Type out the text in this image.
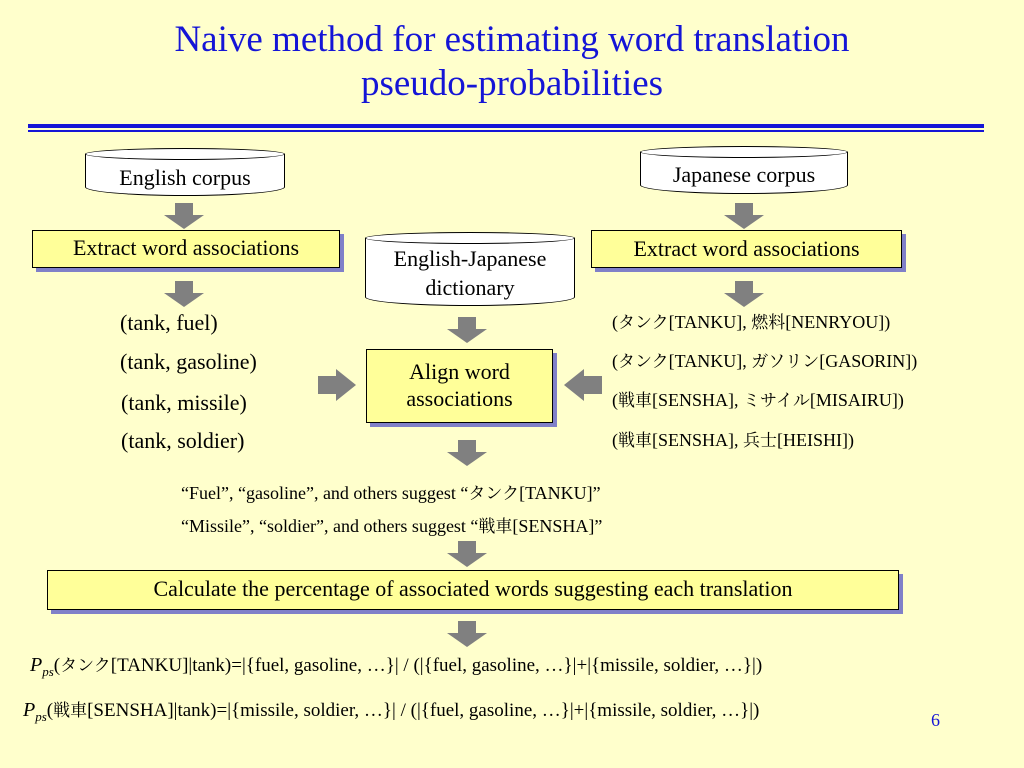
Naive method for estimating word translation
pseudo-probabilities
English corpus	Japanese corpus
English-Japanese
dictionary
Extract word associations	Extract word associations
Align word
associations
(tank, fuel)
(tank, gasoline)
(tank, missile)
(tank, soldier)
(タンク[TANKU], 燃料[NENRYOU])
(タンク[TANKU], ガソリン[GASORIN])
(戦車[SENSHA], ミサイル[MISAIRU])
(戦車[SENSHA], 兵士[HEISHI])
“Fuel”, “gasoline”, and others suggest “タンク[TANKU]”
“Missile”, “soldier”, and others suggest “戦車[SENSHA]”
Calculate the percentage of associated words suggesting each translation
$P_{ps}$(タンク[TANKU]|tank)=|{fuel, gasoline, …}| / (|{fuel, gasoline, …}|+|{missile, soldier, …}|)
$P_{ps}$(戦車[SENSHA]|tank)=|{missile, soldier, …}| / (|{fuel, gasoline, …}|+|{missile, soldier, …}|)	6
